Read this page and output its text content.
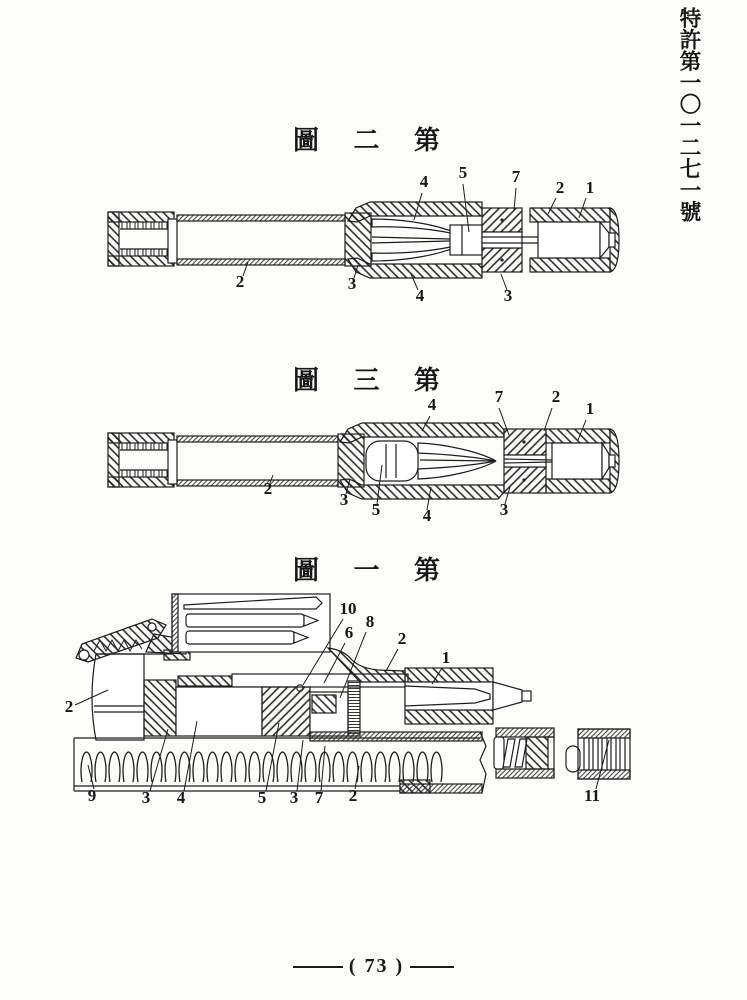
特許第一〇一二七一號
圖 二 第
4 5	7
2 1
2	3
4	3
圖 三 第
4	7	2
1
2
3
5	4	3
圖 一 第
10
6
8
2
1
2
9	3 4	5 3 7 2	11
( 73 )
